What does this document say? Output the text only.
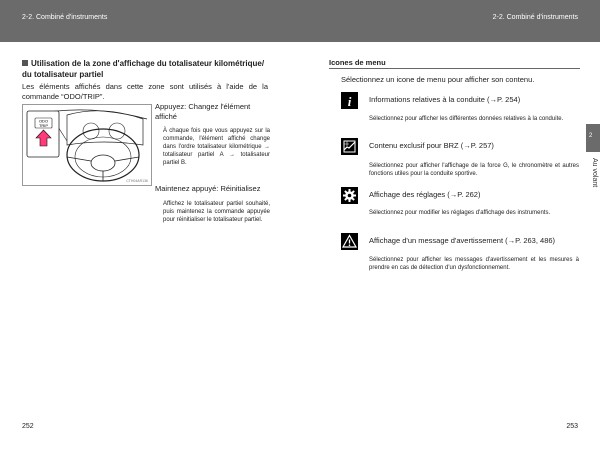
2-2. Combiné d'instruments	2-2. Combiné d'instruments
2
Au volant
Utilisation de la zone d'affichage du totalisateur kilométrique/ du totalisateur partiel
Les éléments affichés dans cette zone sont utilisés à l'aide de la commande “ODO/TRIP”.
ODO
TRIP
CTH04AR136
Appuyez: Changez l'élément affiché
À chaque fois que vous appuyez sur la commande, l'élément affiché change dans l'ordre totalisateur kilométrique → totalisateur partiel A → totalisateur partiel B.
Maintenez appuyé: Réinitialisez
Affichez le totalisateur partiel souhaité, puis maintenez la commande appuyée pour réinitialiser le totalisateur partiel.
Icones de menu
Sélectionnez un icone de menu pour afficher son contenu.
i Informations relatives à la conduite (→P. 254)
Sélectionnez pour afficher les différentes données relatives à la conduite.
Contenu exclusif pour BRZ (→P. 257)
Sélectionnez pour afficher l'affichage de la force G, le chronomètre et autres fonctions utiles pour la conduite sportive.
Affichage des réglages (→P. 262)
Sélectionnez pour modifier les réglages d'affichage des instruments.
Affichage d'un message d'avertissement (→P. 263, 486)
Sélectionnez pour afficher les messages d'avertissement et les mesures à prendre en cas de détection d'un dysfonctionnement.
252	253
